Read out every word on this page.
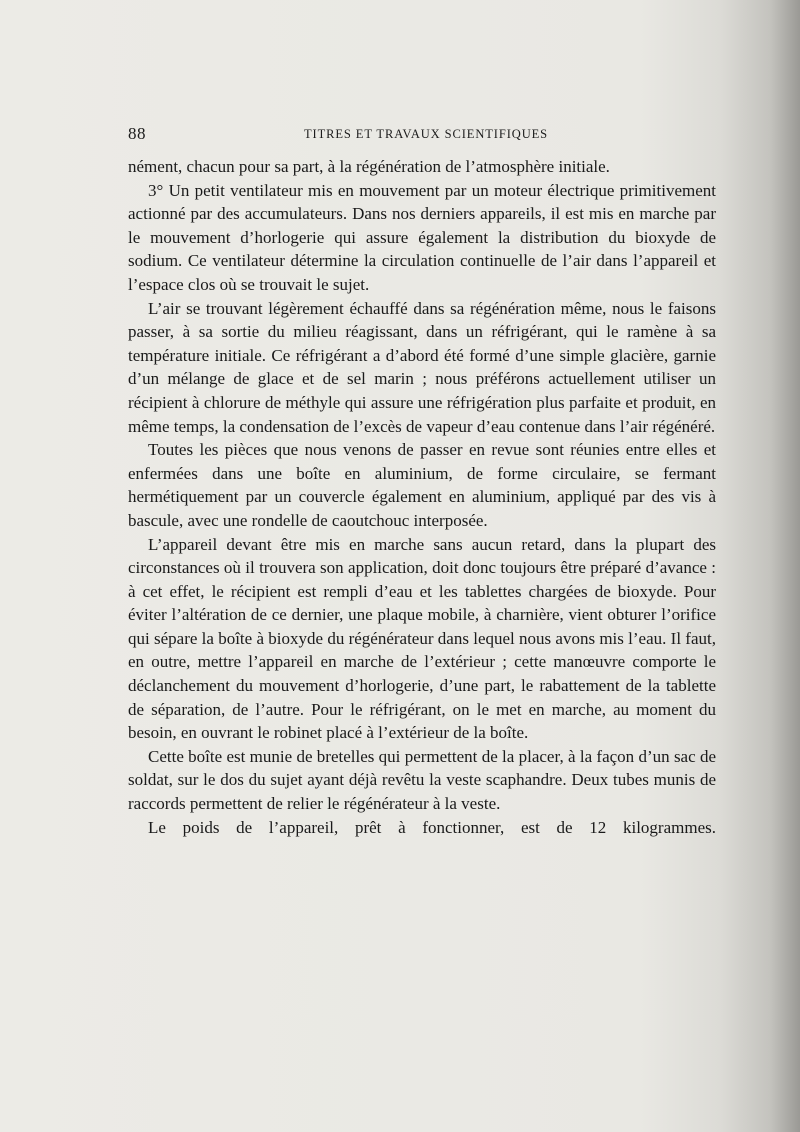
88	TITRES ET TRAVAUX SCIENTIFIQUES

nément, chacun pour sa part, à la régénération de l’atmosphère initiale.

3° Un petit ventilateur mis en mouvement par un moteur électrique primitivement actionné par des accumulateurs. Dans nos derniers appareils, il est mis en marche par le mouvement d’horlogerie qui assure également la distribution du bioxyde de sodium. Ce ventilateur détermine la circulation continuelle de l’air dans l’appareil et l’espace clos où se trouvait le sujet.

L’air se trouvant légèrement échauffé dans sa régénération même, nous le faisons passer, à sa sortie du milieu réagissant, dans un réfrigérant, qui le ramène à sa température initiale. Ce réfrigérant a d’abord été formé d’une simple glacière, garnie d’un mélange de glace et de sel marin ; nous préférons actuellement utiliser un récipient à chlorure de méthyle qui assure une réfrigération plus parfaite et produit, en même temps, la condensation de l’excès de vapeur d’eau contenue dans l’air régénéré.

Toutes les pièces que nous venons de passer en revue sont réunies entre elles et enfermées dans une boîte en aluminium, de forme circulaire, se fermant hermétiquement par un couvercle également en aluminium, appliqué par des vis à bascule, avec une rondelle de caoutchouc interposée.

L’appareil devant être mis en marche sans aucun retard, dans la plupart des circonstances où il trouvera son application, doit donc toujours être préparé d’avance : à cet effet, le récipient est rempli d’eau et les tablettes chargées de bioxyde. Pour éviter l’altération de ce dernier, une plaque mobile, à charnière, vient obturer l’orifice qui sépare la boîte à bioxyde du régénérateur dans lequel nous avons mis l’eau. Il faut, en outre, mettre l’appareil en marche de l’extérieur ; cette manœuvre comporte le déclanchement du mouvement d’horlogerie, d’une part, le rabattement de la tablette de séparation, de l’autre. Pour le réfrigérant, on le met en marche, au moment du besoin, en ouvrant le robinet placé à l’extérieur de la boîte.

Cette boîte est munie de bretelles qui permettent de la placer, à la façon d’un sac de soldat, sur le dos du sujet ayant déjà revêtu la veste scaphandre. Deux tubes munis de raccords permettent de relier le régénérateur à la veste.

Le poids de l’appareil, prêt à fonctionner, est de 12 kilogrammes.
